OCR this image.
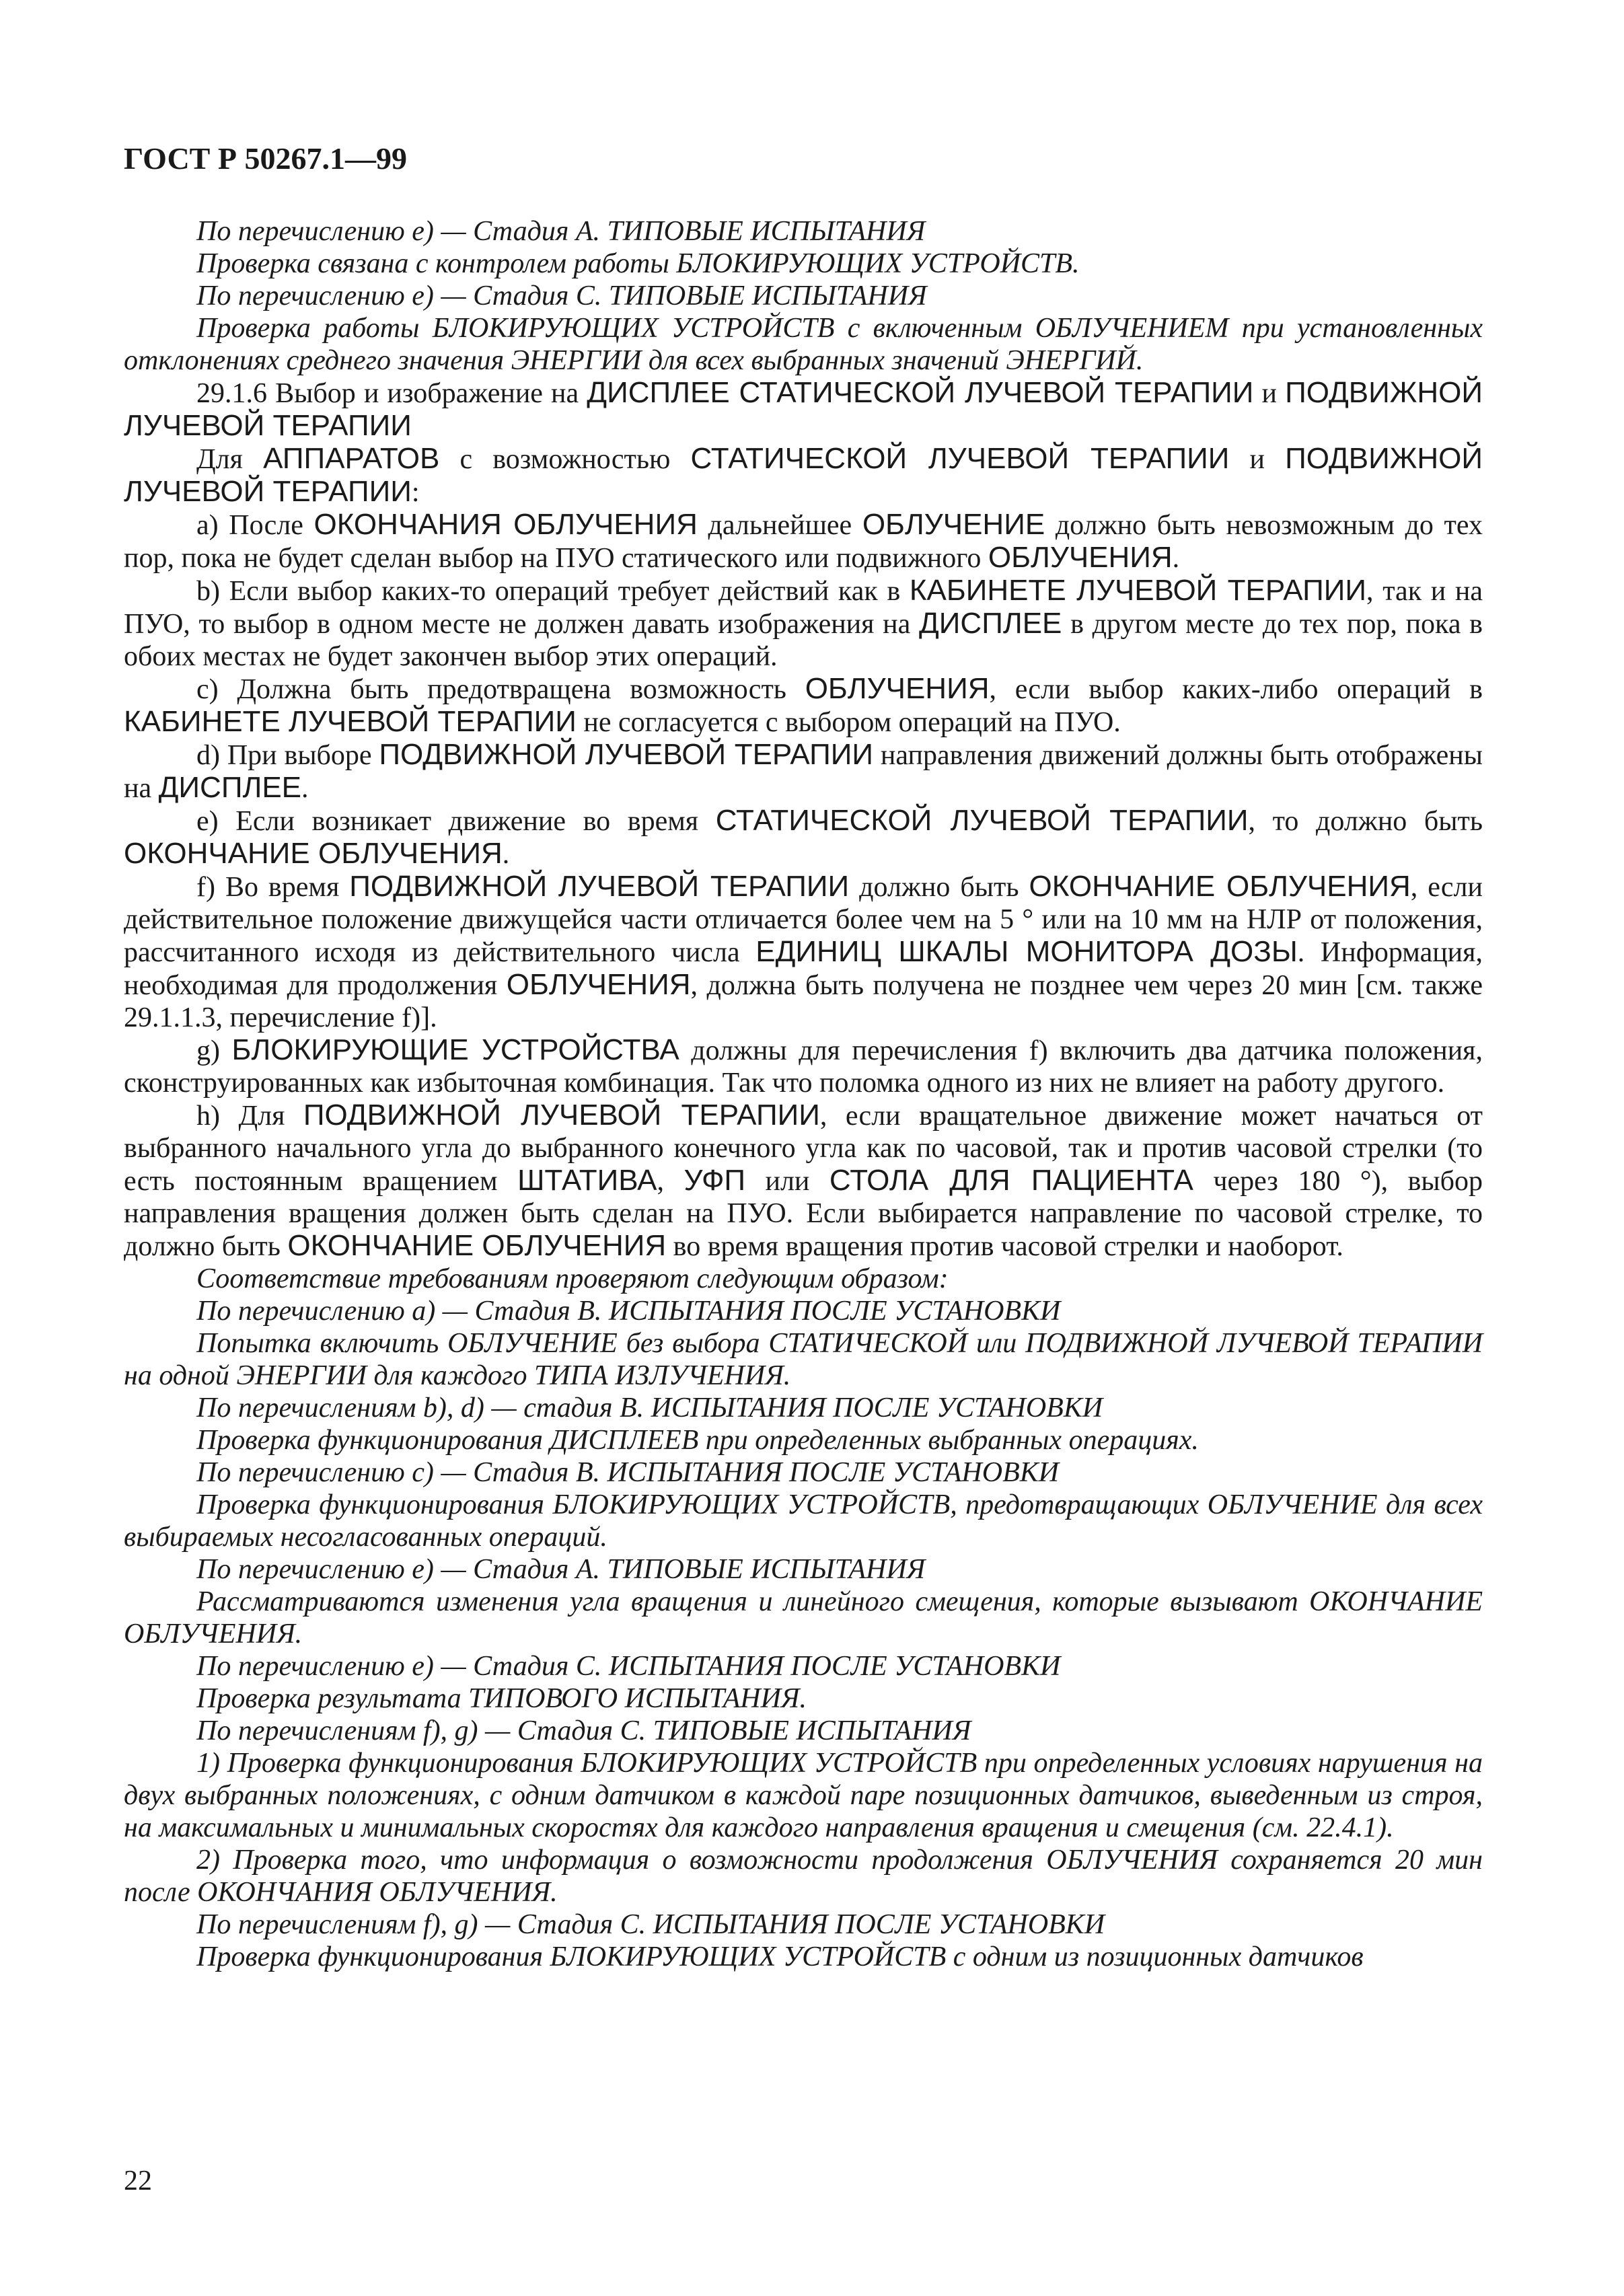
ГОСТ Р 50267.1—99

По перечислению е) — Стадия А. ТИПОВЫЕ ИСПЫТАНИЯ

Проверка связана с контролем работы БЛОКИРУЮЩИХ УСТРОЙСТВ.

По перечислению е) — Стадия С. ТИПОВЫЕ ИСПЫТАНИЯ

Проверка работы БЛОКИРУЮЩИХ УСТРОЙСТВ с включенным ОБЛУЧЕНИЕМ при установленных отклонениях среднего значения ЭНЕРГИИ для всех выбранных значений ЭНЕРГИЙ.

29.1.6 Выбор и изображение на ДИСПЛЕЕ СТАТИЧЕСКОЙ ЛУЧЕВОЙ ТЕРАПИИ и ПОДВИЖНОЙ ЛУЧЕВОЙ ТЕРАПИИ

Для АППАРАТОВ с возможностью СТАТИЧЕСКОЙ ЛУЧЕВОЙ ТЕРАПИИ и ПОДВИЖНОЙ ЛУЧЕВОЙ ТЕРАПИИ:

a) После ОКОНЧАНИЯ ОБЛУЧЕНИЯ дальнейшее ОБЛУЧЕНИЕ должно быть невозможным до тех пор, пока не будет сделан выбор на ПУО статического или подвижного ОБЛУЧЕНИЯ.

b) Если выбор каких-то операций требует действий как в КАБИНЕТЕ ЛУЧЕВОЙ ТЕРАПИИ, так и на ПУО, то выбор в одном месте не должен давать изображения на ДИСПЛЕЕ в другом месте до тех пор, пока в обоих местах не будет закончен выбор этих операций.

c) Должна быть предотвращена возможность ОБЛУЧЕНИЯ, если выбор каких-либо операций в КАБИНЕТЕ ЛУЧЕВОЙ ТЕРАПИИ не согласуется с выбором операций на ПУО.

d) При выборе ПОДВИЖНОЙ ЛУЧЕВОЙ ТЕРАПИИ направления движений должны быть отображены на ДИСПЛЕЕ.

e) Если возникает движение во время СТАТИЧЕСКОЙ ЛУЧЕВОЙ ТЕРАПИИ, то должно быть ОКОНЧАНИЕ ОБЛУЧЕНИЯ.

f) Во время ПОДВИЖНОЙ ЛУЧЕВОЙ ТЕРАПИИ должно быть ОКОНЧАНИЕ ОБЛУЧЕНИЯ, если действительное положение движущейся части отличается более чем на 5 ° или на 10 мм на НЛР от положения, рассчитанного исходя из действительного числа ЕДИНИЦ ШКАЛЫ МОНИТОРА ДОЗЫ. Информация, необходимая для продолжения ОБЛУЧЕНИЯ, должна быть получена не позднее чем через 20 мин [см. также 29.1.1.3, перечисление f)].

g) БЛОКИРУЮЩИЕ УСТРОЙСТВА должны для перечисления f) включить два датчика положения, сконструированных как избыточная комбинация. Так что поломка одного из них не влияет на работу другого.

h) Для ПОДВИЖНОЙ ЛУЧЕВОЙ ТЕРАПИИ, если вращательное движение может начаться от выбранного начального угла до выбранного конечного угла как по часовой, так и против часовой стрелки (то есть постоянным вращением ШТАТИВА, УФП или СТОЛА ДЛЯ ПАЦИЕНТА через 180 °), выбор направления вращения должен быть сделан на ПУО. Если выбирается направление по часовой стрелке, то должно быть ОКОНЧАНИЕ ОБЛУЧЕНИЯ во время вращения против часовой стрелки и наоборот.

Соответствие требованиям проверяют следующим образом:

По перечислению а) — Стадия В. ИСПЫТАНИЯ ПОСЛЕ УСТАНОВКИ

Попытка включить ОБЛУЧЕНИЕ без выбора СТАТИЧЕСКОЙ или ПОДВИЖНОЙ ЛУЧЕВОЙ ТЕРАПИИ на одной ЭНЕРГИИ для каждого ТИПА ИЗЛУЧЕНИЯ.

По перечислениям b), d) — стадия В. ИСПЫТАНИЯ ПОСЛЕ УСТАНОВКИ

Проверка функционирования ДИСПЛЕЕВ при определенных выбранных операциях.

По перечислению с) — Стадия В. ИСПЫТАНИЯ ПОСЛЕ УСТАНОВКИ

Проверка функционирования БЛОКИРУЮЩИХ УСТРОЙСТВ, предотвращающих ОБЛУЧЕНИЕ для всех выбираемых несогласованных операций.

По перечислению е) — Стадия А. ТИПОВЫЕ ИСПЫТАНИЯ

Рассматриваются изменения угла вращения и линейного смещения, которые вызывают ОКОНЧАНИЕ ОБЛУЧЕНИЯ.

По перечислению е) — Стадия С. ИСПЫТАНИЯ ПОСЛЕ УСТАНОВКИ

Проверка результата ТИПОВОГО ИСПЫТАНИЯ.

По перечислениям f), g) — Стадия С. ТИПОВЫЕ ИСПЫТАНИЯ

1) Проверка функционирования БЛОКИРУЮЩИХ УСТРОЙСТВ при определенных условиях нарушения на двух выбранных положениях, с одним датчиком в каждой паре позиционных датчиков, выведенным из строя, на максимальных и минимальных скоростях для каждого направления вращения и смещения (см. 22.4.1).

2) Проверка того, что информация о возможности продолжения ОБЛУЧЕНИЯ сохраняется 20 мин после ОКОНЧАНИЯ ОБЛУЧЕНИЯ.

По перечислениям f), g) — Стадия С. ИСПЫТАНИЯ ПОСЛЕ УСТАНОВКИ

Проверка функционирования БЛОКИРУЮЩИХ УСТРОЙСТВ с одним из позиционных датчиков

22
